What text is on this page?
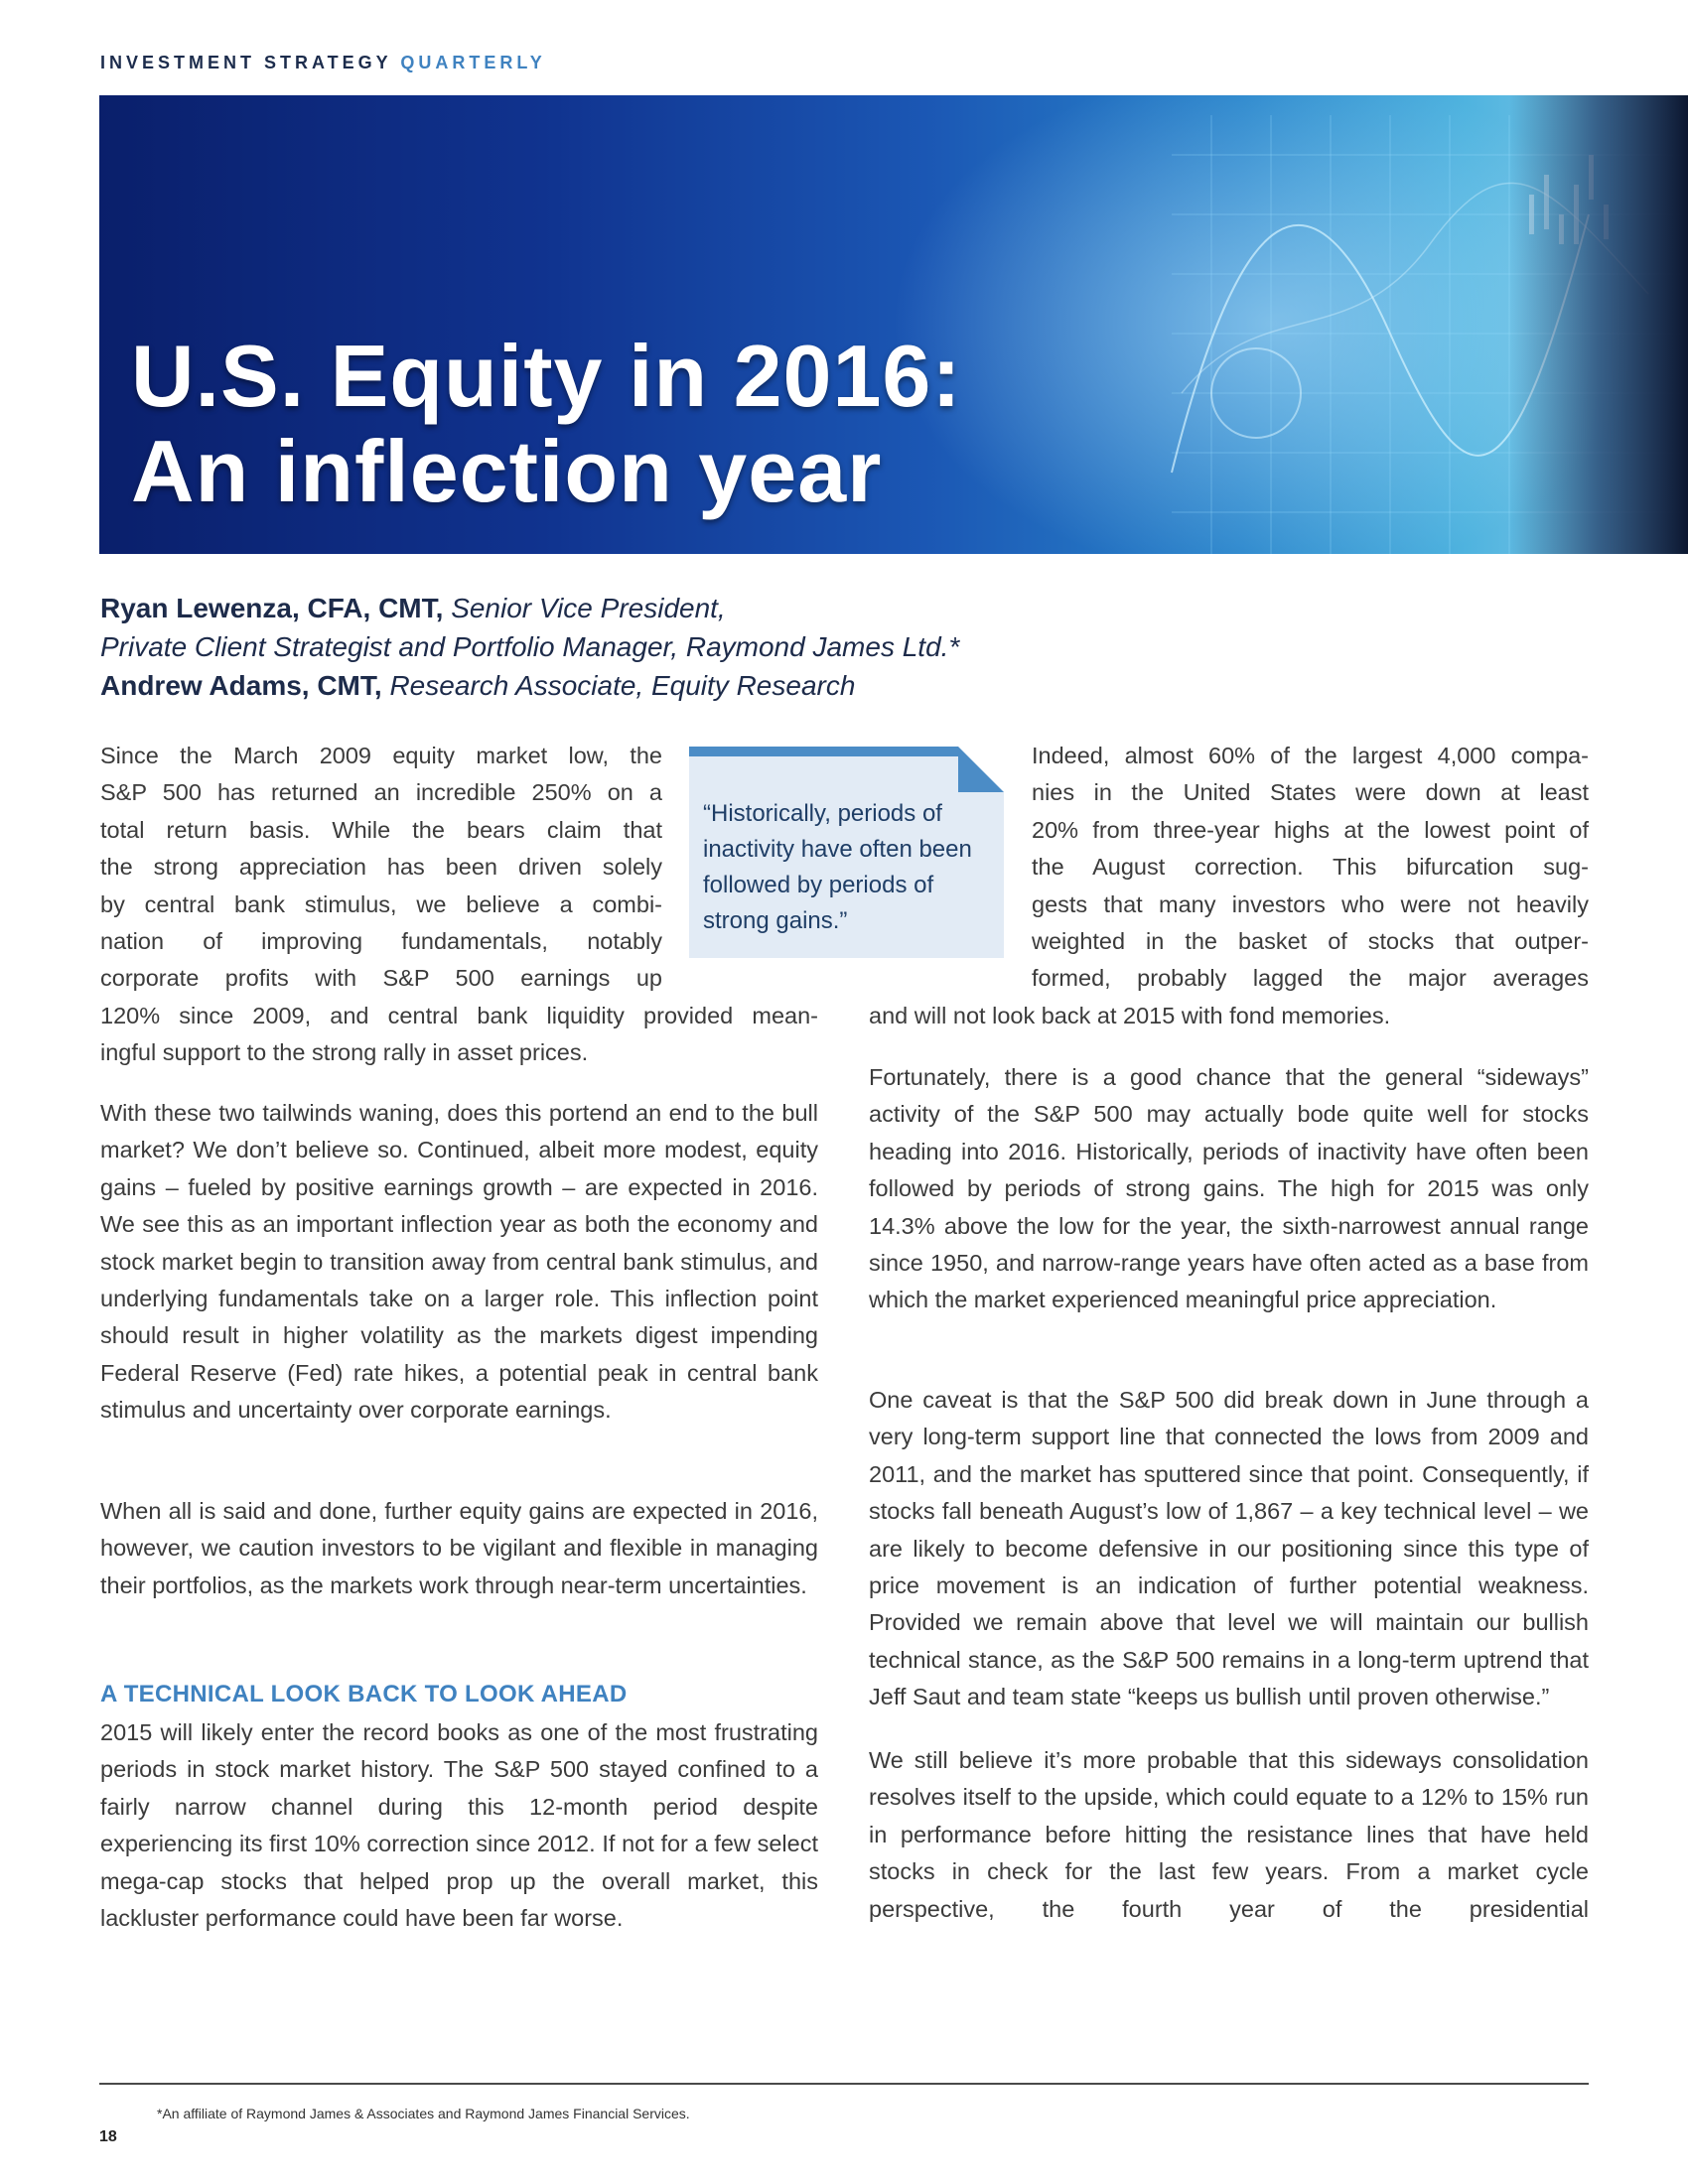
INVESTMENT STRATEGY QUARTERLY
U.S. Equity in 2016:
An inflection year
Ryan Lewenza, CFA, CMT, Senior Vice President,
Private Client Strategist and Portfolio Manager, Raymond James Ltd.*
Andrew Adams, CMT, Research Associate, Equity Research
Since the March 2009 equity market low, the
S&P 500 has returned an incredible 250% on a
total return basis. While the bears claim that
the strong appreciation has been driven solely
by central bank stimulus, we believe a combi-
nation of improving fundamentals, notably
corporate profits with S&P 500 earnings up
120% since 2009, and central bank liquidity provided mean-
ingful support to the strong rally in asset prices.
“Historically, periods of inactivity have often been followed by periods of strong gains.”
With these two tailwinds waning, does this portend an end to the bull market? We don’t believe so. Continued, albeit more modest, equity gains – fueled by positive earnings growth – are expected in 2016. We see this as an important inflection year as both the economy and stock market begin to transition away from central bank stimulus, and underlying fundamentals take on a larger role. This inflection point should result in higher volatility as the markets digest impending Federal Reserve (Fed) rate hikes, a potential peak in central bank stimulus and uncertainty over corporate earnings.
When all is said and done, further equity gains are expected in 2016, however, we caution investors to be vigilant and flexible in managing their portfolios, as the markets work through near-term uncertainties.
A TECHNICAL LOOK BACK TO LOOK AHEAD
2015 will likely enter the record books as one of the most frustrating periods in stock market history. The S&P 500 stayed confined to a fairly narrow channel during this 12-month period despite experiencing its first 10% correction since 2012. If not for a few select mega-cap stocks that helped prop up the overall market, this lackluster performance could have been far worse.
Indeed, almost 60% of the largest 4,000 compa-
nies in the United States were down at least
20% from three-year highs at the lowest point of
the August correction. This bifurcation sug-
gests that many investors who were not heavily
weighted in the basket of stocks that outper-
formed, probably lagged the major averages
and will not look back at 2015 with fond memories.
Fortunately, there is a good chance that the general “sideways” activity of the S&P 500 may actually bode quite well for stocks heading into 2016. Historically, periods of inactivity have often been followed by periods of strong gains. The high for 2015 was only 14.3% above the low for the year, the sixth-narrowest annual range since 1950, and narrow-range years have often acted as a base from which the market experienced meaningful price appreciation.
One caveat is that the S&P 500 did break down in June through a very long-term support line that connected the lows from 2009 and 2011, and the market has sputtered since that point. Consequently, if stocks fall beneath August’s low of 1,867 – a key technical level – we are likely to become defensive in our positioning since this type of price movement is an indication of further potential weakness. Provided we remain above that level we will maintain our bullish technical stance, as the S&P 500 remains in a long-term uptrend that Jeff Saut and team state “keeps us bullish until proven otherwise.”
We still believe it’s more probable that this sideways consolidation resolves itself to the upside, which could equate to a 12% to 15% run in performance before hitting the resistance lines that have held stocks in check for the last few years. From a market cycle perspective, the fourth year of the presidential
*An affiliate of Raymond James & Associates and Raymond James Financial Services.
18
